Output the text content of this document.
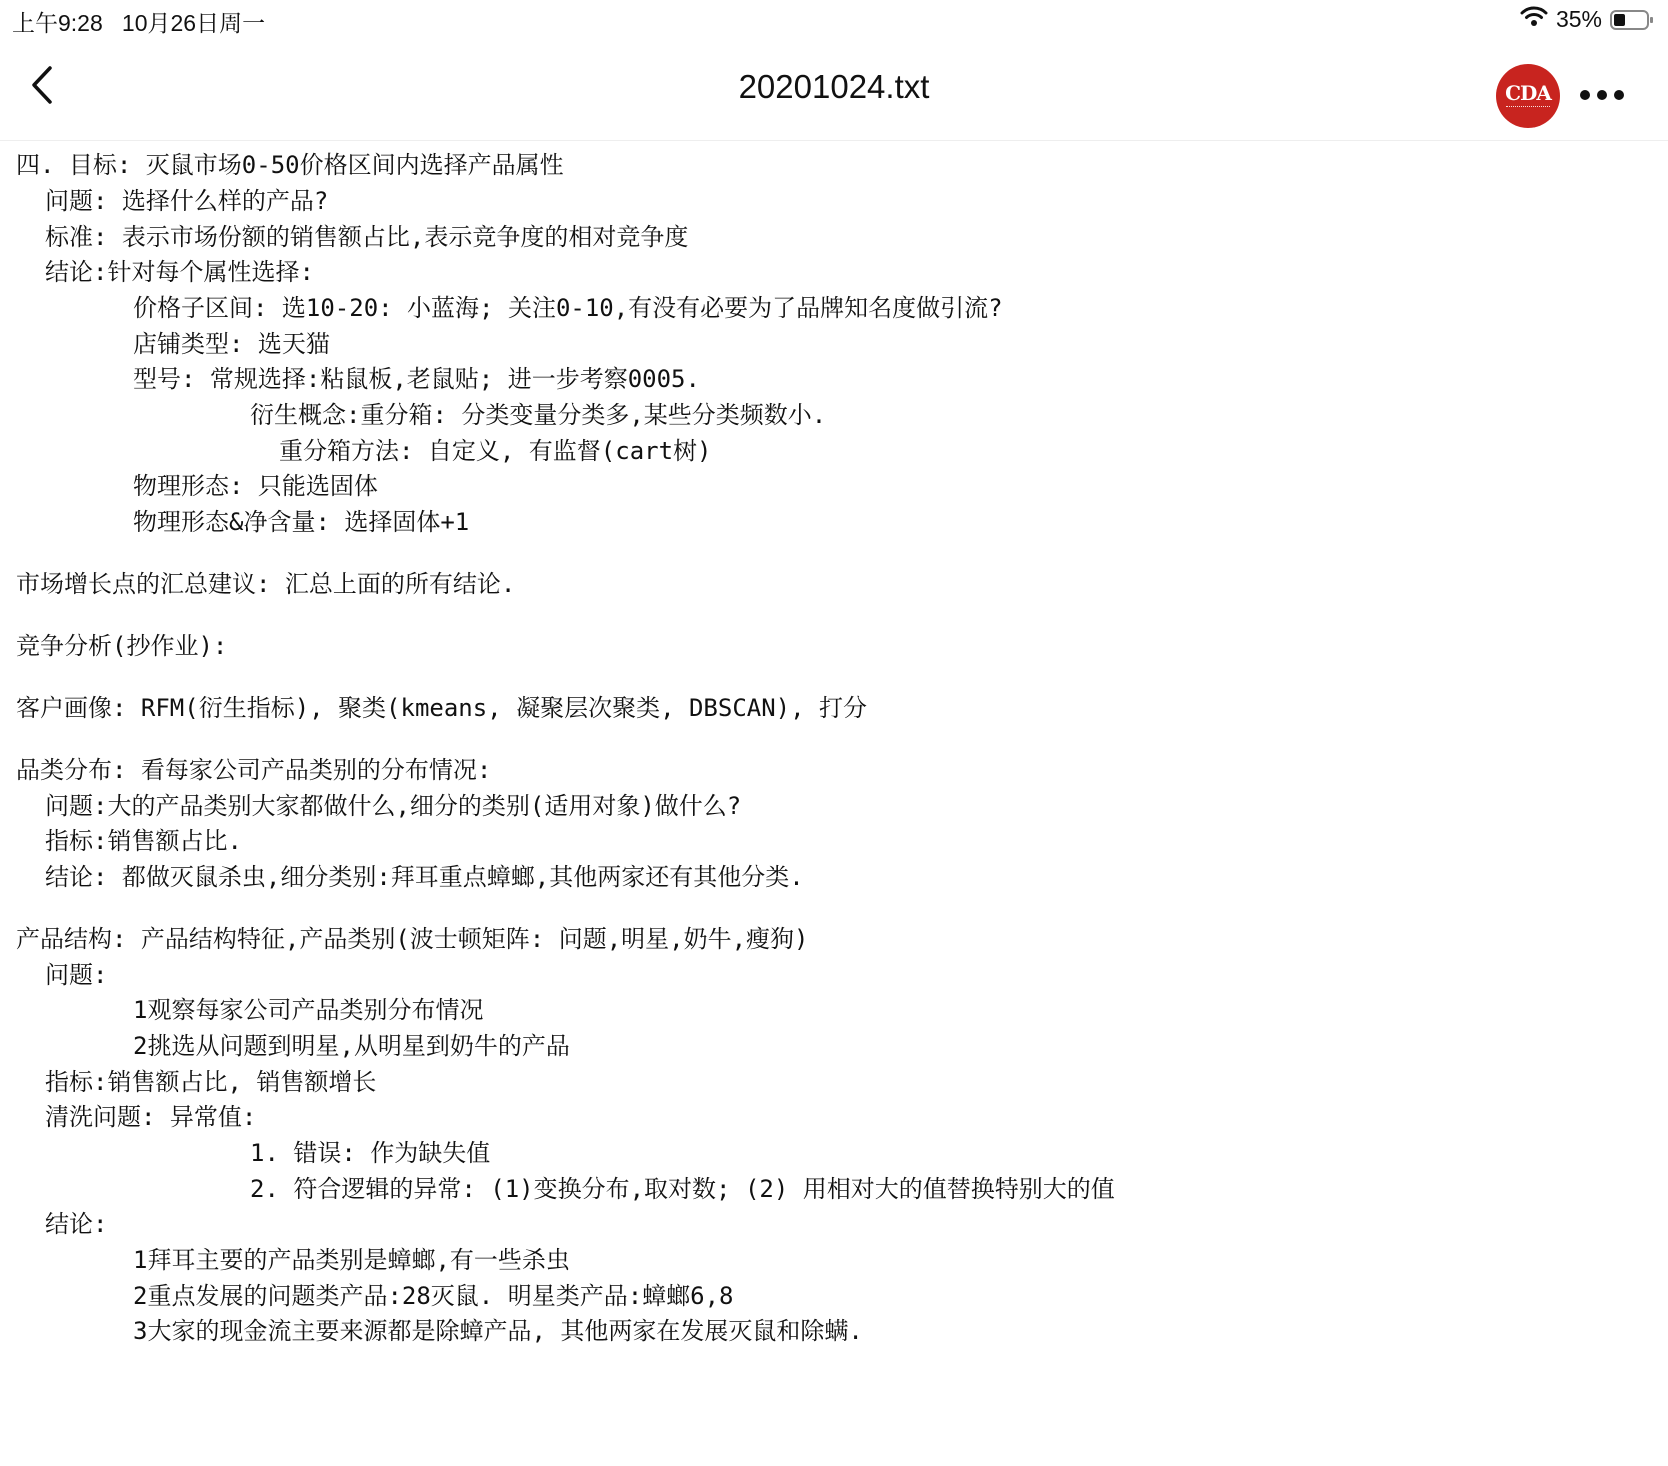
上午9:28   10月26日周一	35%
20201024.txt	CDA
四. 目标: 灭鼠市场0-50价格区间内选择产品属性
问题: 选择什么样的产品?
标准: 表示市场份额的销售额占比,表示竞争度的相对竞争度
结论:针对每个属性选择:
价格子区间: 选10-20: 小蓝海; 关注0-10,有没有必要为了品牌知名度做引流?
店铺类型: 选天猫
型号: 常规选择:粘鼠板,老鼠贴; 进一步考察0005.
衍生概念:重分箱: 分类变量分类多,某些分类频数小.
重分箱方法: 自定义, 有监督(cart树)
物理形态: 只能选固体
物理形态&净含量: 选择固体+1
市场增长点的汇总建议: 汇总上面的所有结论.
竞争分析(抄作业):
客户画像: RFM(衍生指标), 聚类(kmeans, 凝聚层次聚类, DBSCAN), 打分
品类分布: 看每家公司产品类别的分布情况:
问题:大的产品类别大家都做什么,细分的类别(适用对象)做什么?
指标:销售额占比.
结论: 都做灭鼠杀虫,细分类别:拜耳重点蟑螂,其他两家还有其他分类.
产品结构: 产品结构特征,产品类别(波士顿矩阵: 问题,明星,奶牛,瘦狗)
问题:
1观察每家公司产品类别分布情况
2挑选从问题到明星,从明星到奶牛的产品
指标:销售额占比, 销售额增长
清洗问题: 异常值:
1. 错误: 作为缺失值
2. 符合逻辑的异常: (1)变换分布,取对数; (2) 用相对大的值替换特别大的值
结论:
1拜耳主要的产品类别是蟑螂,有一些杀虫
2重点发展的问题类产品:28灭鼠. 明星类产品:蟑螂6,8
3大家的现金流主要来源都是除蟑产品, 其他两家在发展灭鼠和除螨.
